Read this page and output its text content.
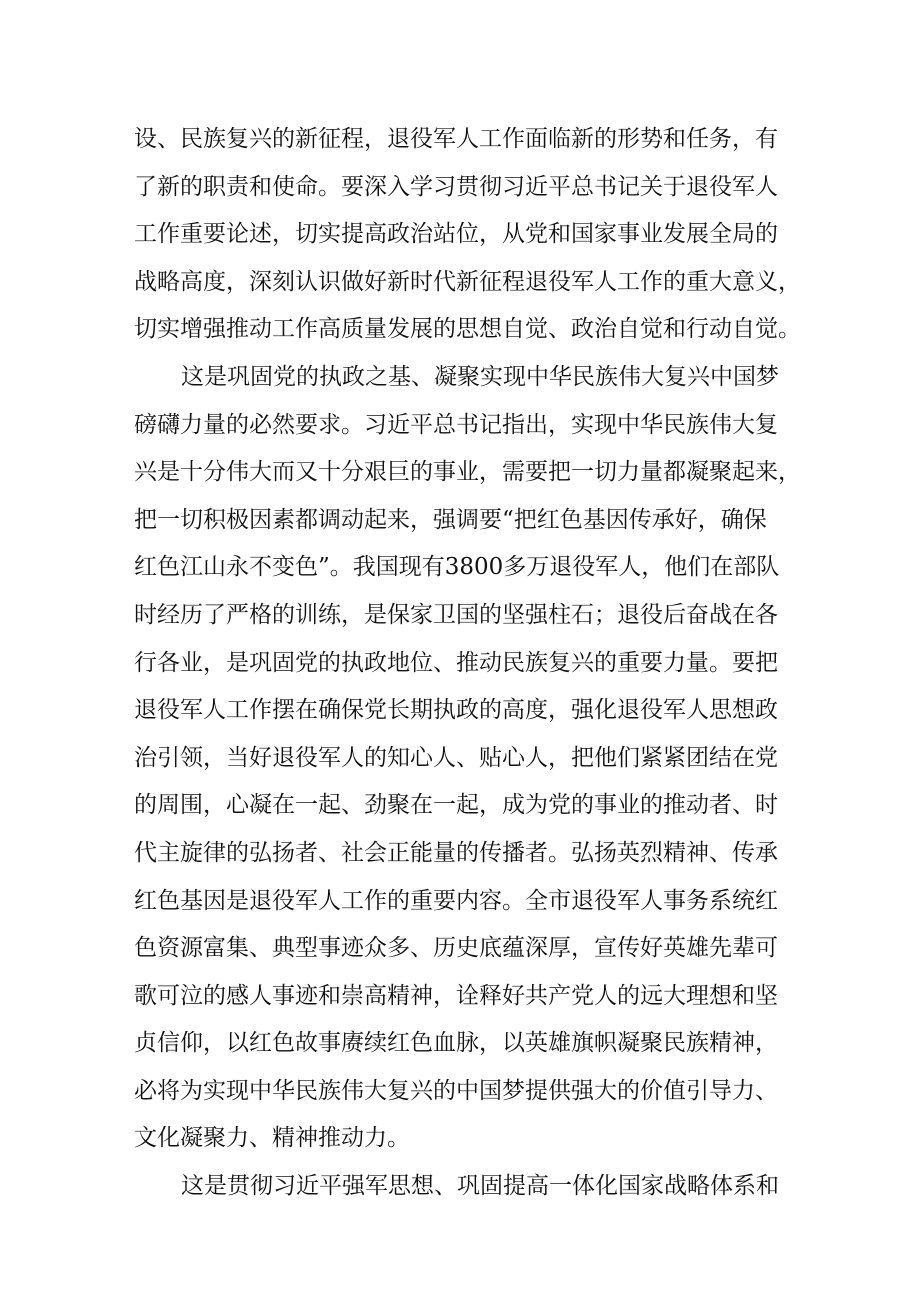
设、民族复兴的新征程，退役军人工作面临新的形势和任务，有
了新的职责和使命。要深入学习贯彻习近平总书记关于退役军人
工作重要论述，切实提高政治站位，从党和国家事业发展全局的
战略高度，深刻认识做好新时代新征程退役军人工作的重大意义，
切实增强推动工作高质量发展的思想自觉、政治自觉和行动自觉。
这是巩固党的执政之基、凝聚实现中华民族伟大复兴中国梦
磅礴力量的必然要求。习近平总书记指出，实现中华民族伟大复
兴是十分伟大而又十分艰巨的事业，需要把一切力量都凝聚起来，
把一切积极因素都调动起来，强调要“把红色基因传承好，确保
红色江山永不变色”。我国现有3800多万退役军人，他们在部队
时经历了严格的训练，是保家卫国的坚强柱石；退役后奋战在各
行各业，是巩固党的执政地位、推动民族复兴的重要力量。要把
退役军人工作摆在确保党长期执政的高度，强化退役军人思想政
治引领，当好退役军人的知心人、贴心人，把他们紧紧团结在党
的周围，心凝在一起、劲聚在一起，成为党的事业的推动者、时
代主旋律的弘扬者、社会正能量的传播者。弘扬英烈精神、传承
红色基因是退役军人工作的重要内容。全市退役军人事务系统红
色资源富集、典型事迹众多、历史底蕴深厚，宣传好英雄先辈可
歌可泣的感人事迹和崇高精神，诠释好共产党人的远大理想和坚
贞信仰，以红色故事赓续红色血脉，以英雄旗帜凝聚民族精神，
必将为实现中华民族伟大复兴的中国梦提供强大的价值引导力、
文化凝聚力、精神推动力。
这是贯彻习近平强军思想、巩固提高一体化国家战略体系和
